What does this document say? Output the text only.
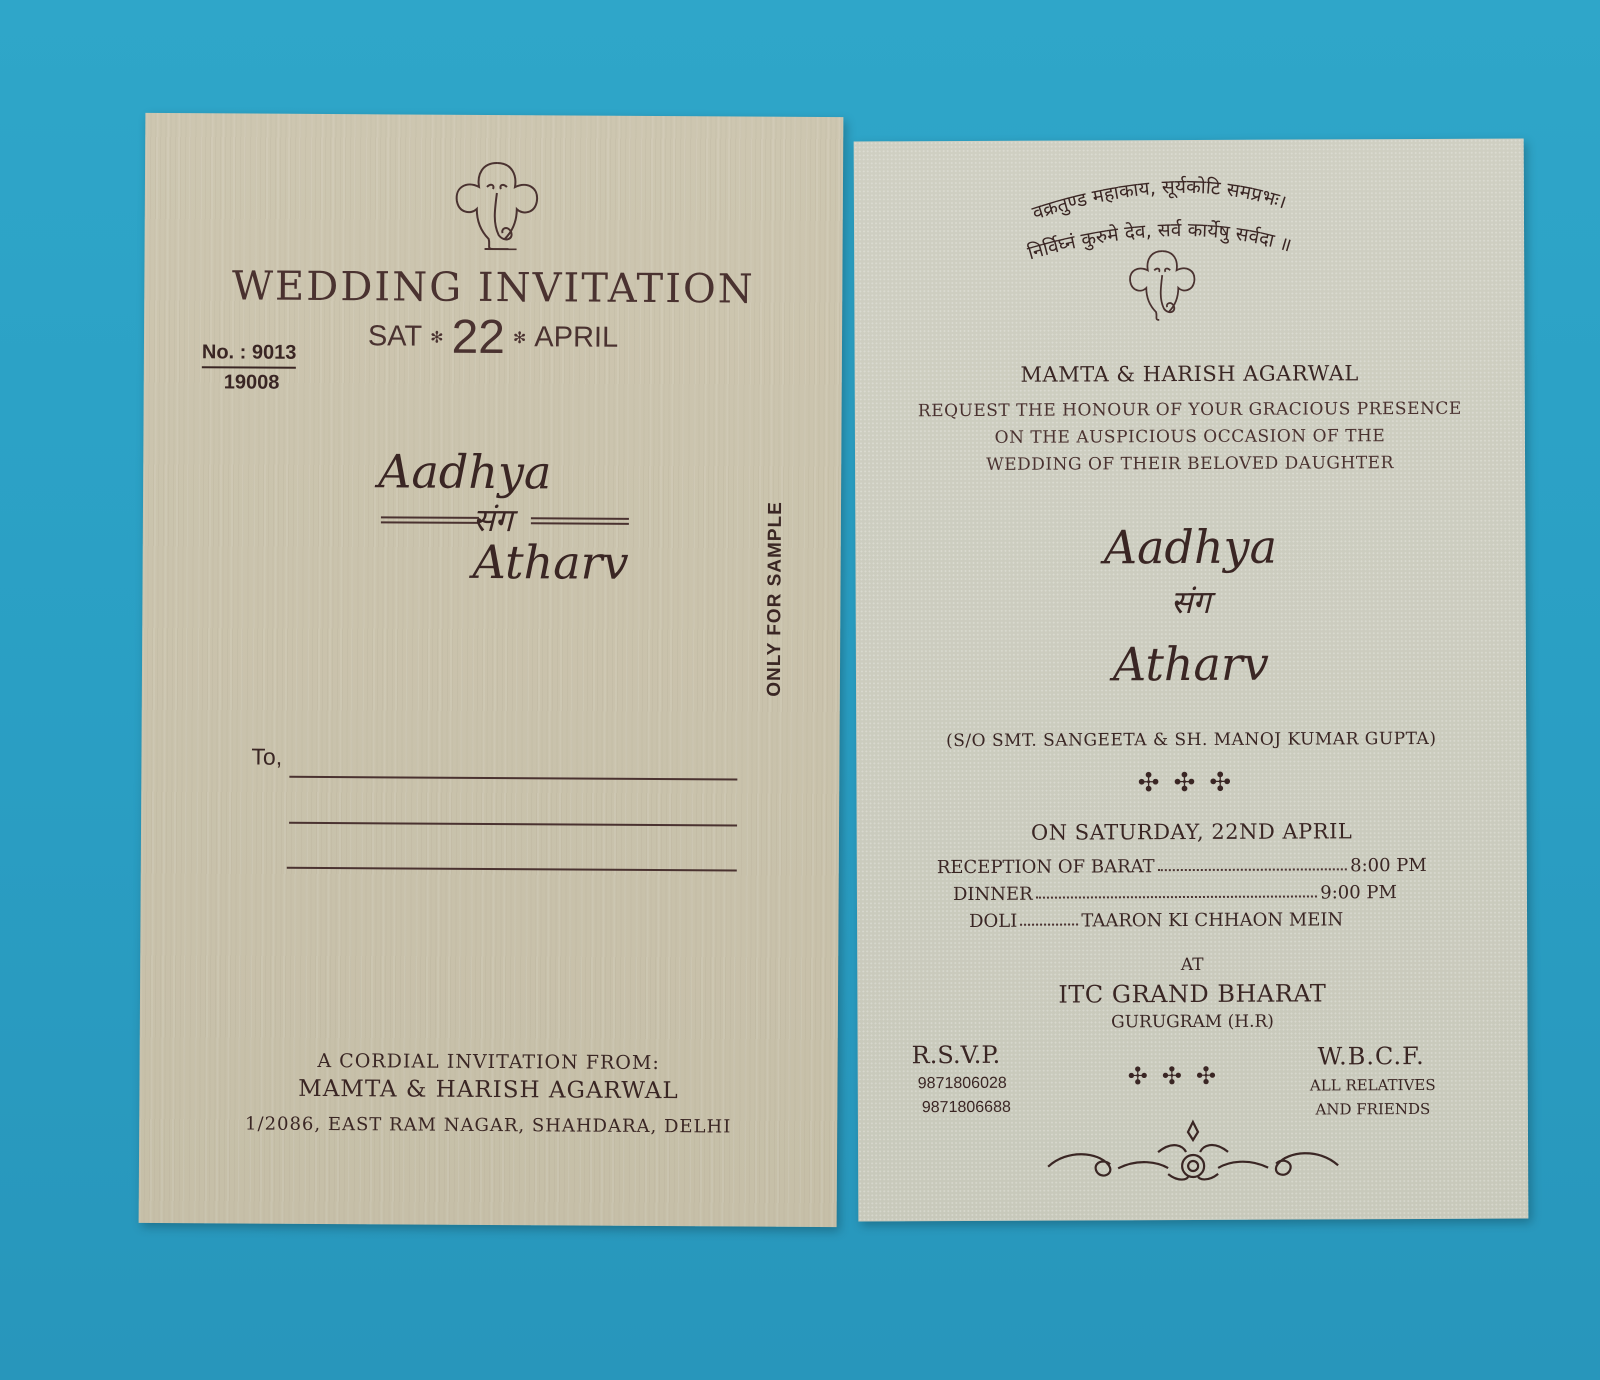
WEDDING INVITATION
SAT ✻ 22 ✻ APRIL
No. : 9013
19008
Aadhya
संग
Atharv	ONLY FOR SAMPLE
To,
A CORDIAL INVITATION FROM:
MAMTA & HARISH AGARWAL
1/2086, EAST RAM NAGAR, SHAHDARA, DELHI
वक्रतुण्ड महाकाय, सूर्यकोटि समप्रभः।
निर्विघ्नं कुरुमे देव, सर्व कार्येषु सर्वदा ॥
MAMTA & HARISH AGARWAL
REQUEST THE HONOUR OF YOUR GRACIOUS PRESENCE
ON THE AUSPICIOUS OCCASION OF THE
WEDDING OF THEIR BELOVED DAUGHTER
Aadhya
संग
Atharv
(S/O SMT. SANGEETA & SH. MANOJ KUMAR GUPTA)
✣✣✣
ON SATURDAY, 22ND APRIL
RECEPTION OF BARAT	8:00 PM
DINNER	9:00 PM
DOLI	TAARON KI CHHAON MEIN
AT
ITC GRAND BHARAT
GURUGRAM (H.R)
R.S.V.P.
9871806028
9871806688
✣✣✣
W.B.C.F.
ALL RELATIVES
AND FRIENDS
